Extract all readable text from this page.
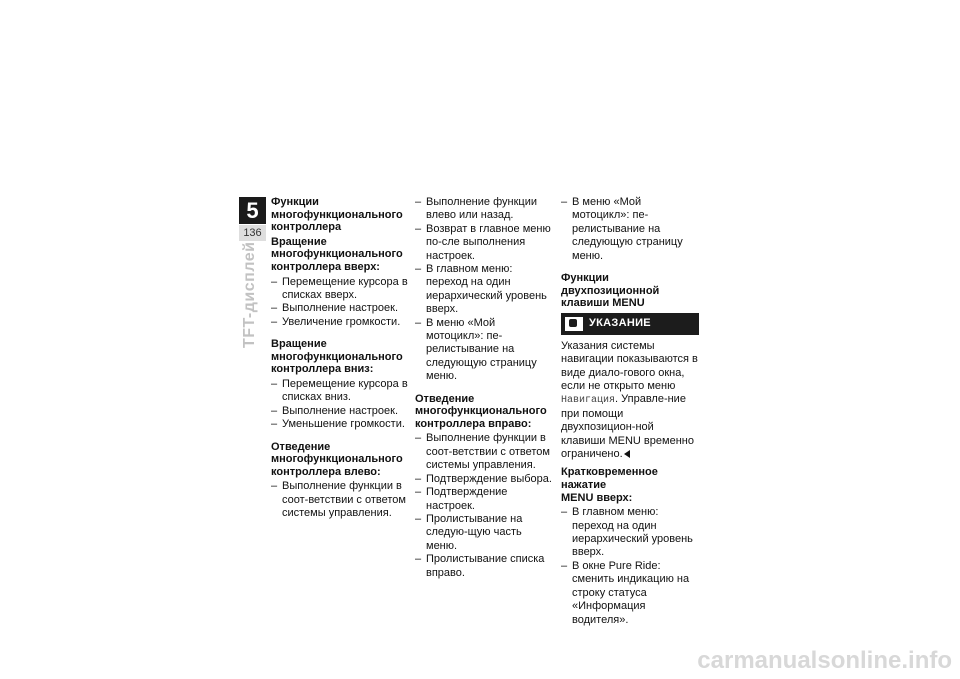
5
136
TFT-дисплей
Функции
многофункционального
контроллера
Вращение
многофункционального
контроллера вверх:
– Перемещение курсора в списках вверх.
– Выполнение настроек.
– Увеличение громкости.
Вращение
многофункционального
контроллера вниз:
– Перемещение курсора в списках вниз.
– Выполнение настроек.
– Уменьшение громкости.
Отведение
многофункционального
контроллера влево:
– Выполнение функции в соот-ветствии с ответом системы управления.
– Выполнение функции влево или назад.
– Возврат в главное меню по-сле выполнения настроек.
– В главном меню: переход на один иерархический уровень вверх.
– В меню «Мой мотоцикл»: пе-релистывание на следующую страницу меню.
Отведение
многофункционального
контроллера вправо:
– Выполнение функции в соот-ветствии с ответом системы управления.
– Подтверждение выбора.
– Подтверждение настроек.
– Пролистывание на следую-щую часть меню.
– Пролистывание списка вправо.
– В меню «Мой мотоцикл»: пе-релистывание на следующую страницу меню.
Функции двухпозиционной
клавиши MENU
УКАЗАНИЕ

Указания системы навигации показываются в виде диало-гового окна, если не открыто меню Навигация. Управле-ние при помощи двухпозицион-ной клавиши MENU временно ограничено.

Кратковременное нажатие
MENU вверх:
– В главном меню: переход на один иерархический уровень вверх.
– В окне Pure Ride: сменить индикацию на строку статуса «Информация водителя».
carmanualsonline.info
